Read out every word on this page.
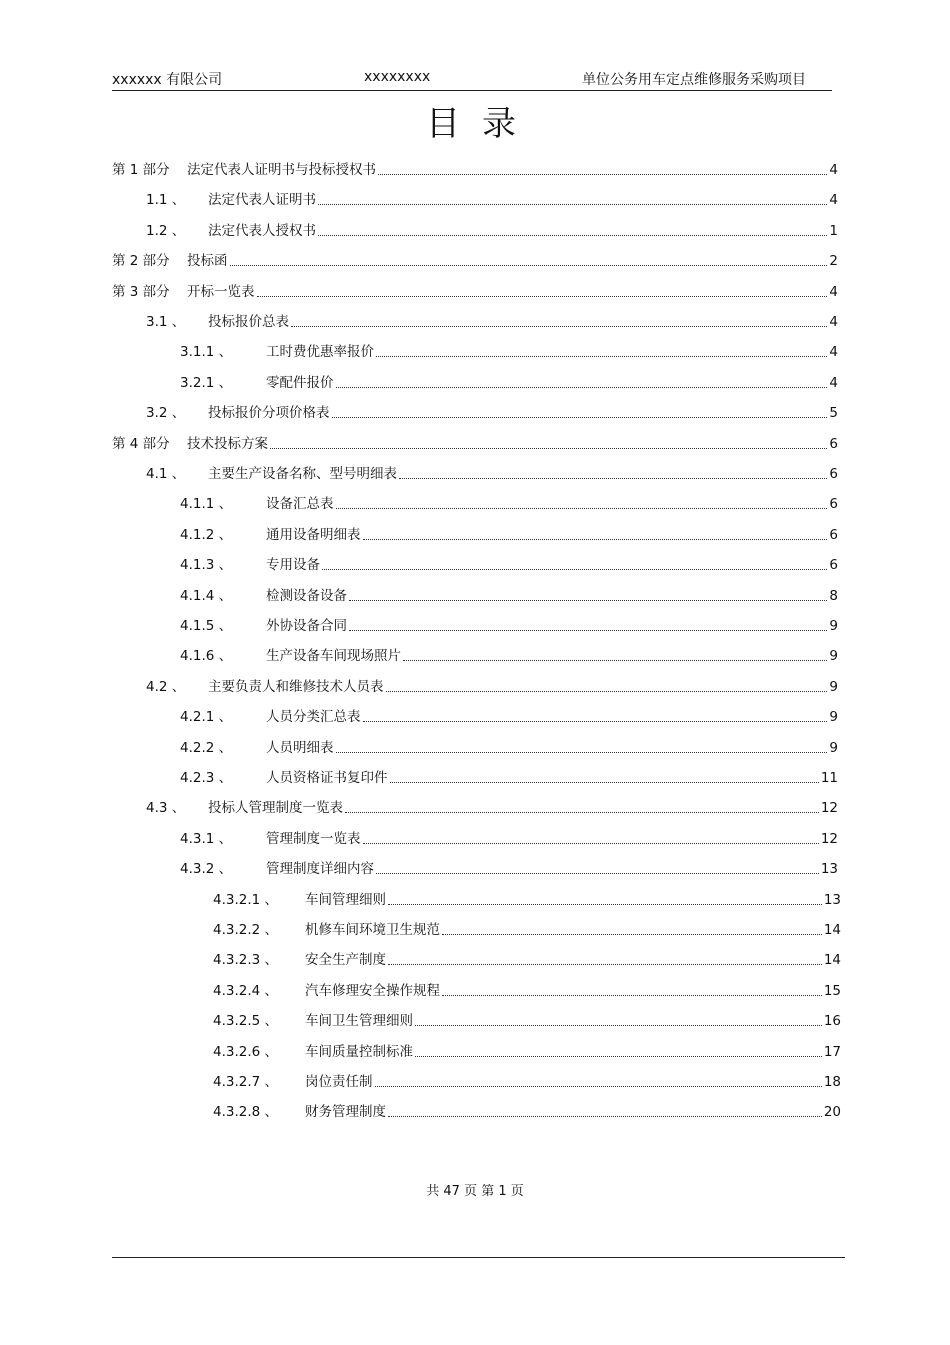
xxxxxx 有限公司	xxxxxxxx	单位公务用车定点维修服务采购项目
目录
第 1 部分	法定代表人证明书与投标授权书	4
1.1 、	法定代表人证明书	4
1.2 、	法定代表人授权书	1
第 2 部分	投标函	2
第 3 部分	开标一览表	4
3.1 、	投标报价总表	4
3.1.1 、	工时费优惠率报价	4
3.2.1 、	零配件报价	4
3.2 、	投标报价分项价格表	5
第 4 部分	技术投标方案	6
4.1 、	主要生产设备名称、型号明细表	6
4.1.1 、	设备汇总表	6
4.1.2 、	通用设备明细表	6
4.1.3 、	专用设备	6
4.1.4 、	检测设备设备	8
4.1.5 、	外协设备合同	9
4.1.6 、	生产设备车间现场照片	9
4.2 、	主要负责人和维修技术人员表	9
4.2.1 、	人员分类汇总表	9
4.2.2 、	人员明细表	9
4.2.3 、	人员资格证书复印件	11
4.3 、	投标人管理制度一览表	12
4.3.1 、	管理制度一览表	12
4.3.2 、	管理制度详细内容	13
4.3.2.1 、	车间管理细则	13
4.3.2.2 、	机修车间环境卫生规范	14
4.3.2.3 、	安全生产制度	14
4.3.2.4 、	汽车修理安全操作规程	15
4.3.2.5 、	车间卫生管理细则	16
4.3.2.6 、	车间质量控制标准	17
4.3.2.7 、	岗位责任制	18
4.3.2.8 、	财务管理制度	20
共 47 页 第 1 页
